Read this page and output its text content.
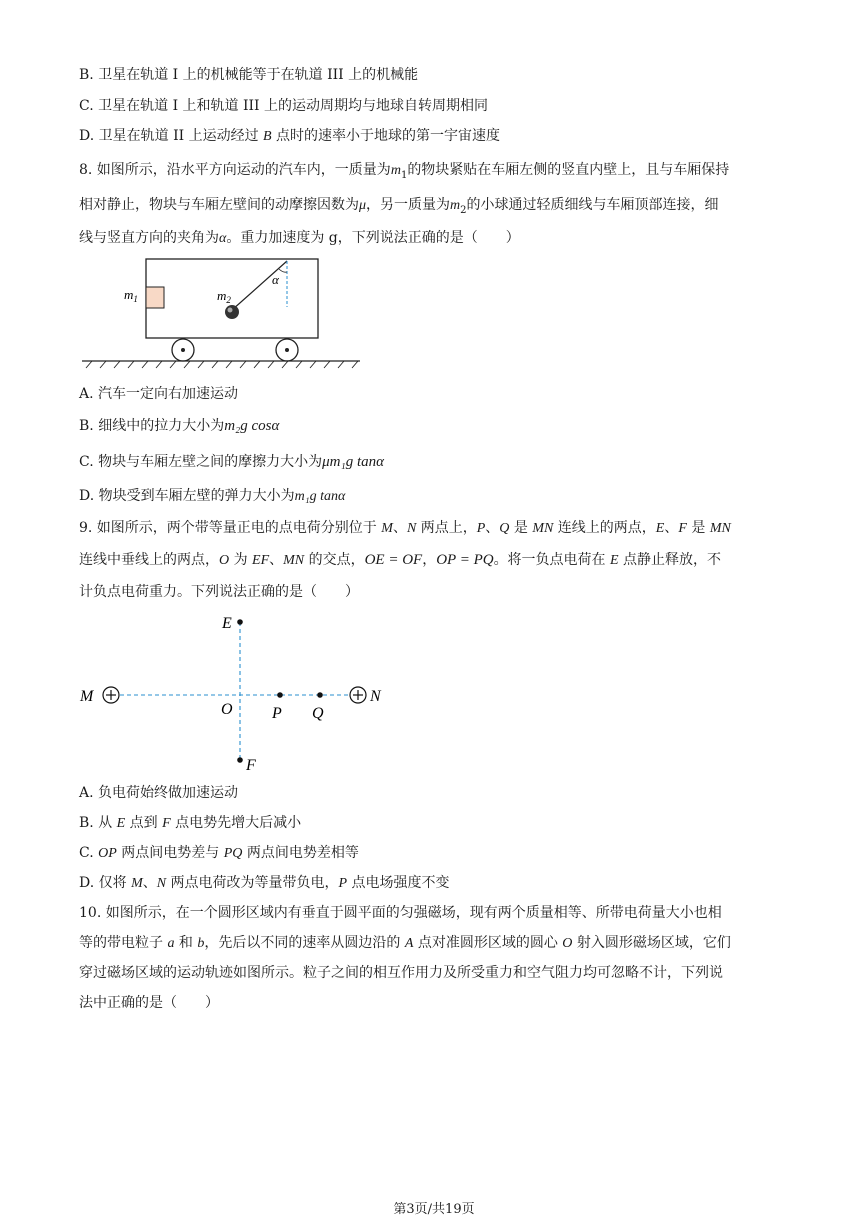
B. 卫星在轨道 I 上的机械能等于在轨道 III 上的机械能
C. 卫星在轨道 I 上和轨道 III 上的运动周期均与地球自转周期相同
D. 卫星在轨道 II 上运动经过 B 点时的速率小于地球的第一宇宙速度
8. 如图所示，沿水平方向运动的汽车内，一质量为$m_1$的物块紧贴在车厢左侧的竖直内壁上，且与车厢保持
相对静止，物块与车厢左壁间的动摩擦因数为μ，另一质量为$m_2$的小球通过轻质细线与车厢顶部连接，细
线与竖直方向的夹角为α。重力加速度为 g，下列说法正确的是（　　）
$m_1$
α
$m_2$
A. 汽车一定向右加速运动
B. 细线中的拉力大小为m₂g cosα
C. 物块与车厢左壁之间的摩擦力大小为μm₁g tanα
D. 物块受到车厢左壁的弹力大小为m₁g tanα
9. 如图所示，两个带等量正电的点电荷分别位于 M、N 两点上，P、Q 是 MN 连线上的两点，E、F 是 MN
连线中垂线上的两点，O 为 EF、MN 的交点，OE = OF，OP = PQ。将一负点电荷在 E 点静止释放，不
计负点电荷重力。下列说法正确的是（　　）
E
F
M	N
O P Q
A. 负电荷始终做加速运动
B. 从 E 点到 F 点电势先增大后减小
C. OP 两点间电势差与 PQ 两点间电势差相等
D. 仅将 M、N 两点电荷改为等量带负电，P 点电场强度不变
10. 如图所示，在一个圆形区域内有垂直于圆平面的匀强磁场，现有两个质量相等、所带电荷量大小也相
等的带电粒子 a 和 b，先后以不同的速率从圆边沿的 A 点对准圆形区域的圆心 O 射入圆形磁场区域，它们
穿过磁场区域的运动轨迹如图所示。粒子之间的相互作用力及所受重力和空气阻力均可忽略不计，下列说
法中正确的是（　　）
第3页/共19页
